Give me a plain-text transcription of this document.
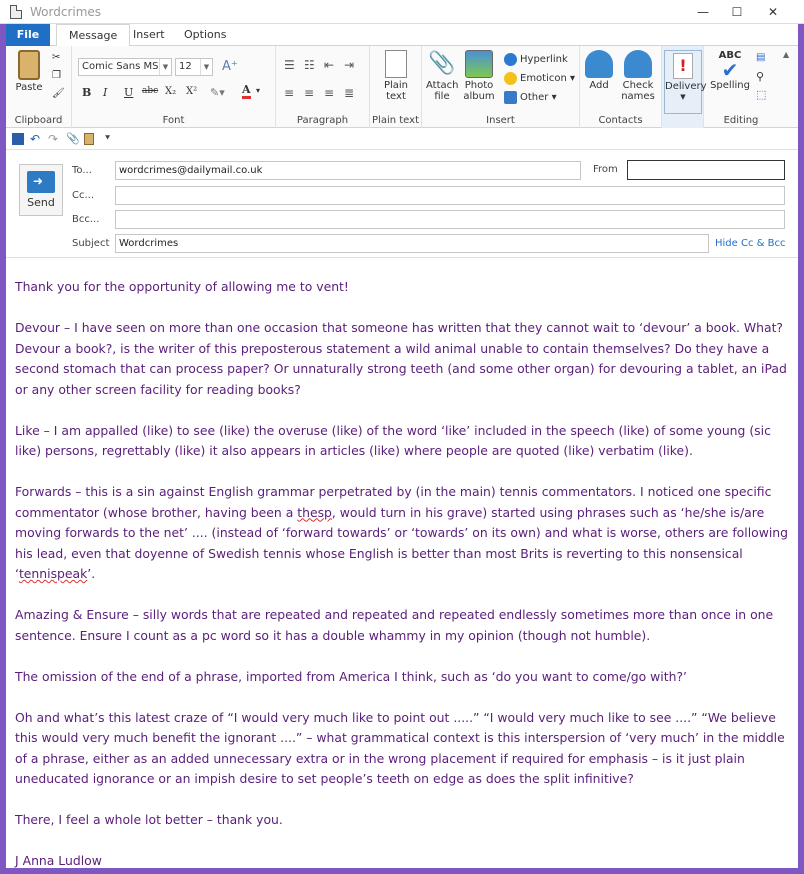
Wordcrimes	—	☐	✕
File	Message	Insert	Options
Paste
✂
❐
🖌
Clipboard
Comic Sans MS ▼	12	▼ A⁺
B I U abc X₂ X² ✎▾ A ▾
Font
☰ ☷ ⇤ ⇥
≡ ≡ ≡ ≣
Paragraph
Plain
text
Plain text
📎
Attach
file
Photo
album
Hyperlink
Emoticon ▾
Other ▾
Insert
Add	Check
names
Contacts
!
Delivery
▼
ABC
✔
Spelling
▤
⚲
⬚
Editing
▲
↶ ↷ 📎	⯆
➜
Send
To...	wordcrimes@dailymail.co.uk	From
Cc...
Bcc...
Subject Wordcrimes	Hide Cc & Bcc

Thank you for the opportunity of allowing me to vent!

Devour – I have seen on more than one occasion that someone has written that they cannot wait to ‘devour’ a book. What? Devour a book?, is the writer of this preposterous statement a wild animal unable to contain themselves? Do they have a second stomach that can process paper? Or unnaturally strong teeth (and some other organ) for devouring a tablet, an iPad or any other screen facility for reading books?

Like – I am appalled (like) to see (like) the overuse (like) of the word ‘like’ included in the speech (like) of some young (sic like) persons, regrettably (like) it also appears in articles (like) where people are quoted (like) verbatim (like).

Forwards – this is a sin against English grammar perpetrated by (in the main) tennis commentators. I noticed one specific commentator (whose brother, having been a thesp, would turn in his grave) started using phrases such as ‘he/she is/are moving forwards to the net’ .... (instead of ‘forward towards’ or ‘towards’ on its own) and what is worse, others are following his lead, even that doyenne of Swedish tennis whose English is better than most Brits is reverting to this nonsensical ‘tennispeak’.

Amazing & Ensure – silly words that are repeated and repeated and repeated endlessly sometimes more than once in one sentence. Ensure I count as a pc word so it has a double whammy in my opinion (though not humble).

The omission of the end of a phrase, imported from America I think, such as ‘do you want to come/go with?’

Oh and what’s this latest craze of “I would very much like to point out .....” “I would very much like to see ....” “We believe this would very much benefit the ignorant ....” – what grammatical context is this interspersion of ‘very much’ in the middle of a phrase, either as an added unnecessary extra or in the wrong placement if required for emphasis – is it just plain uneducated ignorance or an impish desire to set people’s teeth on edge as does the split infinitive?

There, I feel a whole lot better – thank you.

J Anna Ludlow
